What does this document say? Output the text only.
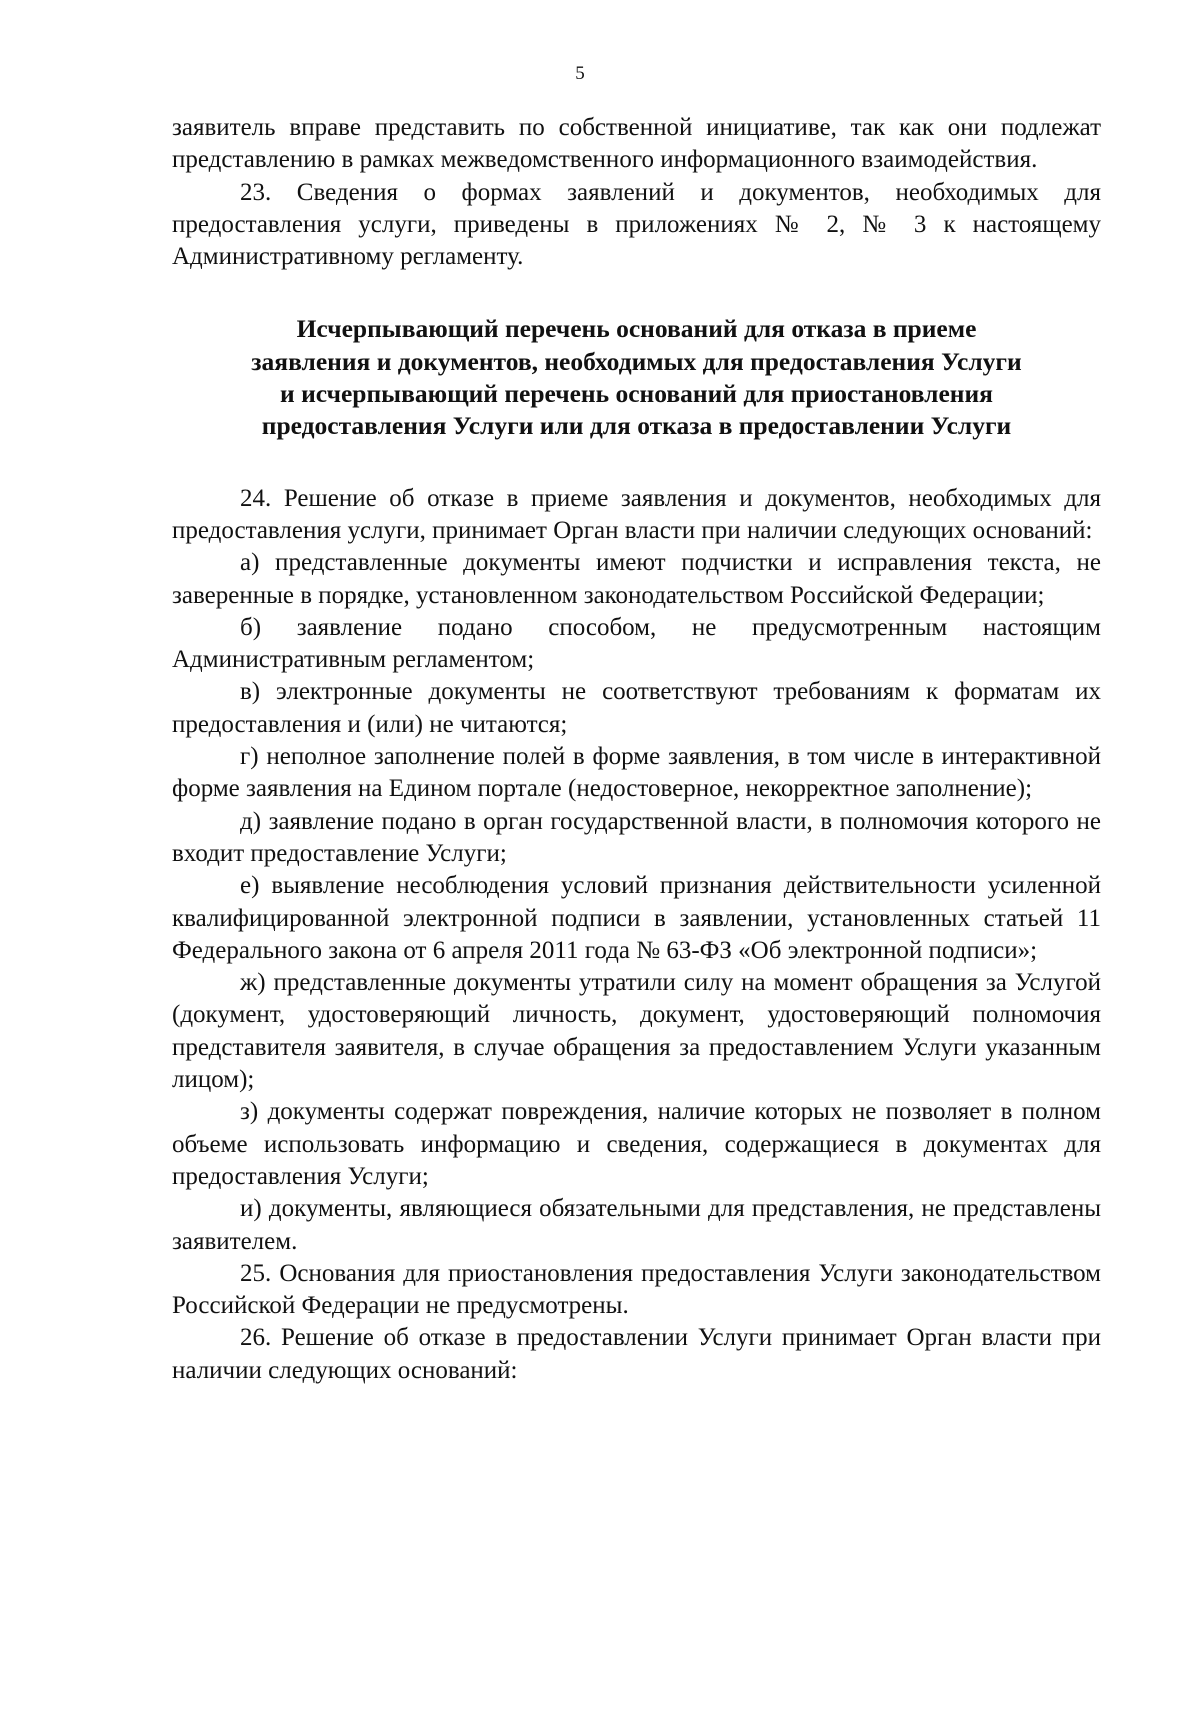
5

заявитель вправе представить по собственной инициативе, так как они подлежат представлению в рамках межведомственного информационного взаимодействия.

23. Сведения о формах заявлений и документов, необходимых для предоставления услуги, приведены в приложениях № 2, № 3 к настоящему Административному регламенту.

Исчерпывающий перечень оснований для отказа в приеме
заявления и документов, необходимых для предоставления Услуги
и исчерпывающий перечень оснований для приостановления
предоставления Услуги или для отказа в предоставлении Услуги

24. Решение об отказе в приеме заявления и документов, необходимых для предоставления услуги, принимает Орган власти при наличии следующих оснований:

а) представленные документы имеют подчистки и исправления текста, не заверенные в порядке, установленном законодательством Российской Федерации;

б) заявление подано способом, не предусмотренным настоящим Административным регламентом;

в) электронные документы не соответствуют требованиям к форматам их предоставления и (или) не читаются;

г) неполное заполнение полей в форме заявления, в том числе в интерактивной форме заявления на Едином портале (недостоверное, некорректное заполнение);

д) заявление подано в орган государственной власти, в полномочия которого не входит предоставление Услуги;

е) выявление несоблюдения условий признания действительности усиленной квалифицированной электронной подписи в заявлении, установленных статьей 11 Федерального закона от 6 апреля 2011 года № 63-ФЗ «Об электронной подписи»;

ж) представленные документы утратили силу на момент обращения за Услугой (документ, удостоверяющий личность, документ, удостоверяющий полномочия представителя заявителя, в случае обращения за предоставлением Услуги указанным лицом);

з) документы содержат повреждения, наличие которых не позволяет в полном объеме использовать информацию и сведения, содержащиеся в документах для предоставления Услуги;

и) документы, являющиеся обязательными для представления, не представлены заявителем.

25. Основания для приостановления предоставления Услуги законодательством Российской Федерации не предусмотрены.

26. Решение об отказе в предоставлении Услуги принимает Орган власти при наличии следующих оснований:
